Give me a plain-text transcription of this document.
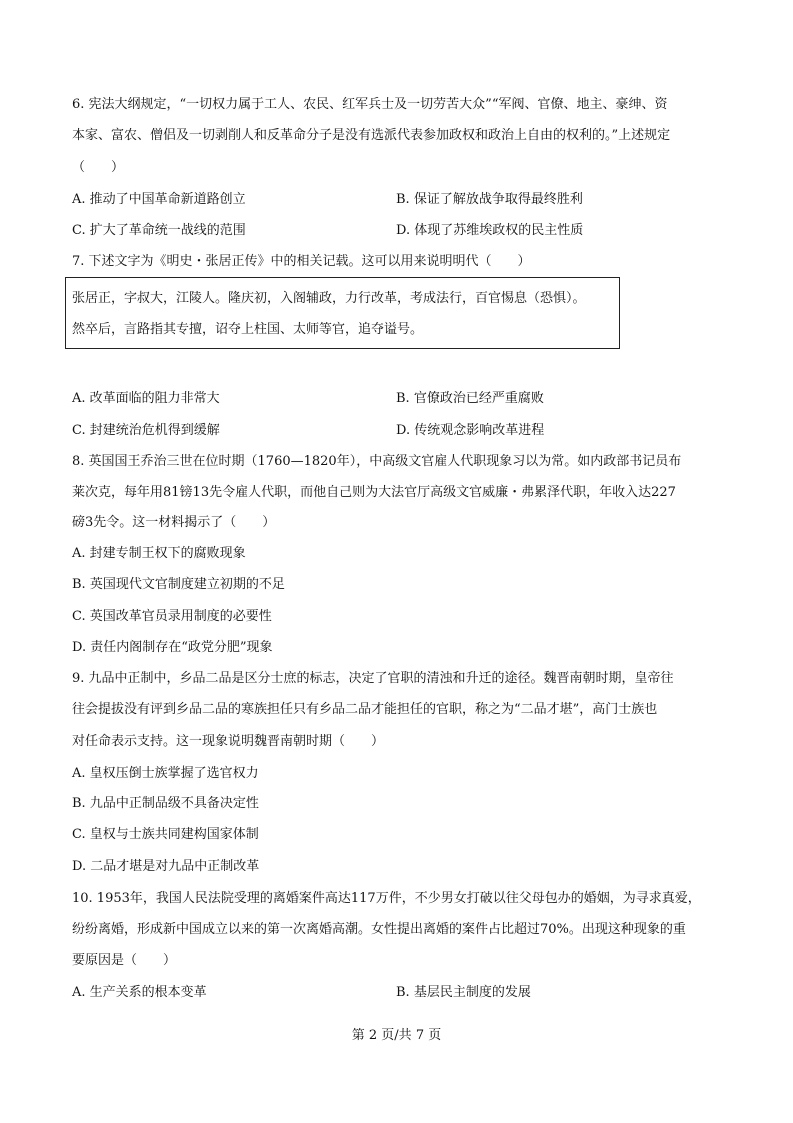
6. 宪法大纲规定，“一切权力属于工人、农民、红军兵士及一切劳苦大众”“军阀、官僚、地主、豪绅、资
本家、富农、僧侣及一切剥削人和反革命分子是没有选派代表参加政权和政治上自由的权利的。”上述规定
（　　）
A. 推动了中国革命新道路创立	B. 保证了解放战争取得最终胜利
C. 扩大了革命统一战线的范围	D. 体现了苏维埃政权的民主性质
7. 下述文字为《明史・张居正传》中的相关记载。这可以用来说明明代（　　）
张居正，字叔大，江陵人。隆庆初，入阁辅政，力行改革，考成法行，百官惕息（恐惧）。
然卒后，言路指其专擅，诏夺上柱国、太师等官，追夺谥号。
A. 改革面临的阻力非常大	B. 官僚政治已经严重腐败
C. 封建统治危机得到缓解	D. 传统观念影响改革进程
8. 英国国王乔治三世在位时期（1760—1820年），中高级文官雇人代职现象习以为常。如内政部书记员布
莱次克，每年用81镑13先令雇人代职，而他自己则为大法官厅高级文官威廉・弗累泽代职，年收入达227
磅3先令。这一材料揭示了（　　）
A. 封建专制王权下的腐败现象
B. 英国现代文官制度建立初期的不足
C. 英国改革官员录用制度的必要性
D. 责任内阁制存在“政党分肥”现象
9. 九品中正制中，乡品二品是区分士庶的标志，决定了官职的清浊和升迁的途径。魏晋南朝时期，皇帝往
往会提拔没有评到乡品二品的寒族担任只有乡品二品才能担任的官职，称之为“二品才堪”，高门士族也
对任命表示支持。这一现象说明魏晋南朝时期（　　）
A. 皇权压倒士族掌握了选官权力
B. 九品中正制品级不具备决定性
C. 皇权与士族共同建构国家体制
D. 二品才堪是对九品中正制改革
10. 1953年，我国人民法院受理的离婚案件高达117万件，不少男女打破以往父母包办的婚姻，为寻求真爱，
纷纷离婚，形成新中国成立以来的第一次离婚高潮。女性提出离婚的案件占比超过70%。出现这种现象的重
要原因是（　　）
A. 生产关系的根本变革	B. 基层民主制度的发展
第 2 页/共 7 页
